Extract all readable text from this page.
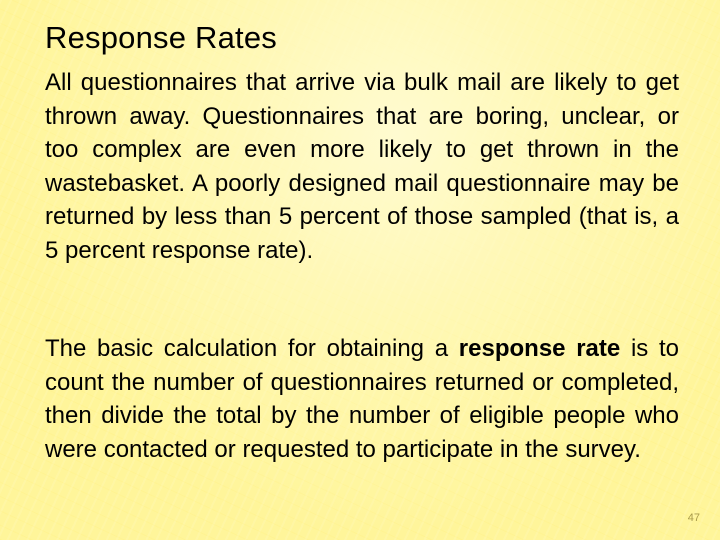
Response Rates

All questionnaires that arrive via bulk mail are likely to get thrown away. Questionnaires that are boring, unclear, or too complex are even more likely to get thrown in the wastebasket. A poorly designed mail questionnaire may be returned by less than 5 percent of those sampled (that is, a 5 percent response rate).

The basic calculation for obtaining a response rate is to count the number of questionnaires returned or completed, then divide the total by the number of eligible people who were contacted or requested to participate in the survey.

47
